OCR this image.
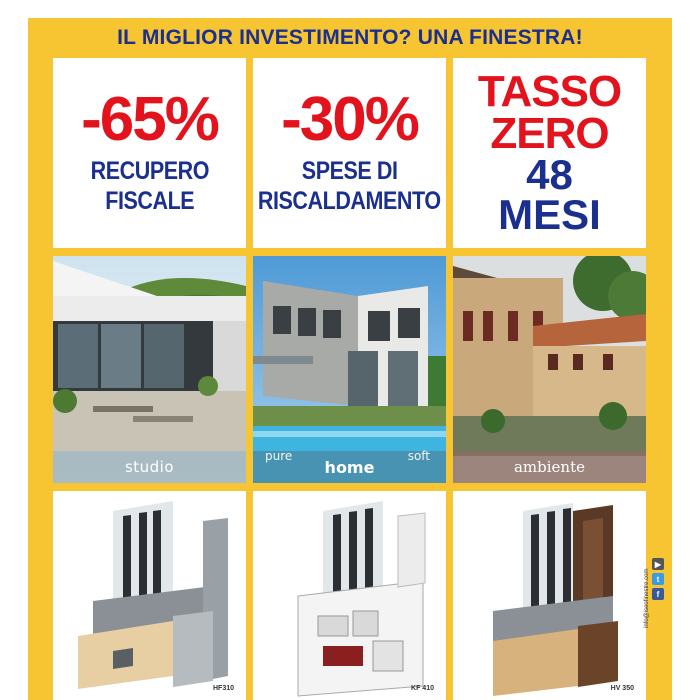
IL MIGLIOR INVESTIMENTO? UNA FINESTRA!
-65%
RECUPERO
FISCALE
-30%
SPESE DI
RISCALDAMENTO
TASSO
ZERO
48
MESI
studio
pure
home
soft
ambiente
HF310	KF 410	HV 350
▶
t
f
info@iseofinestre.com
